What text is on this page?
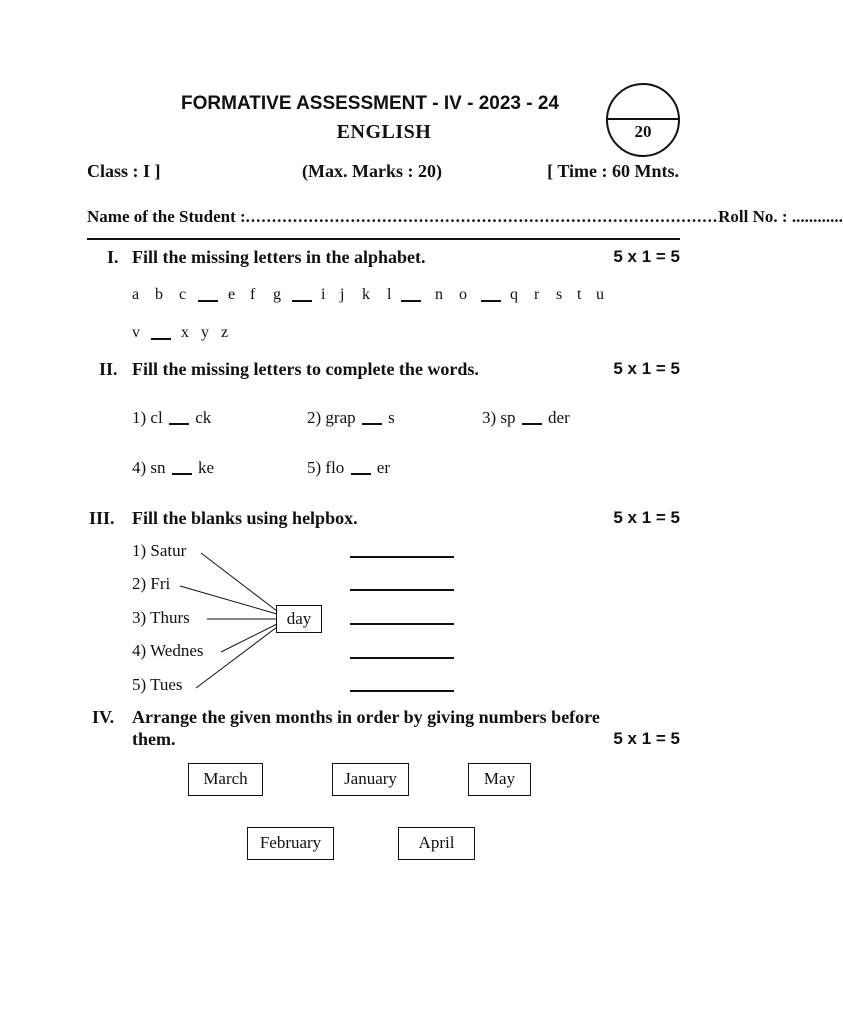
FORMATIVE ASSESSMENT - IV - 2023 - 24
ENGLISH	20
Class : I ]	(Max. Marks : 20)	[ Time : 60 Mnts.
Name of the Student : .......................................................................................... Roll No. : ............
I. Fill the missing letters in the alphabet.	5 x 1 = 5
a b c	e f g	i j k l	n o	q r s t u
v	x y z
II. Fill the missing letters to complete the words.	5 x 1 = 5
1) cl ck	2) grap s	3) sp der
4) sn ke	5) flo er
III. Fill the blanks using helpbox.	5 x 1 = 5
1) Satur
2) Fri
3) Thurs
4) Wednes
5) Tues
day
IV. Arrange the given months in order by giving numbers before
them.	5 x 1 = 5
March	January	May
February	April
